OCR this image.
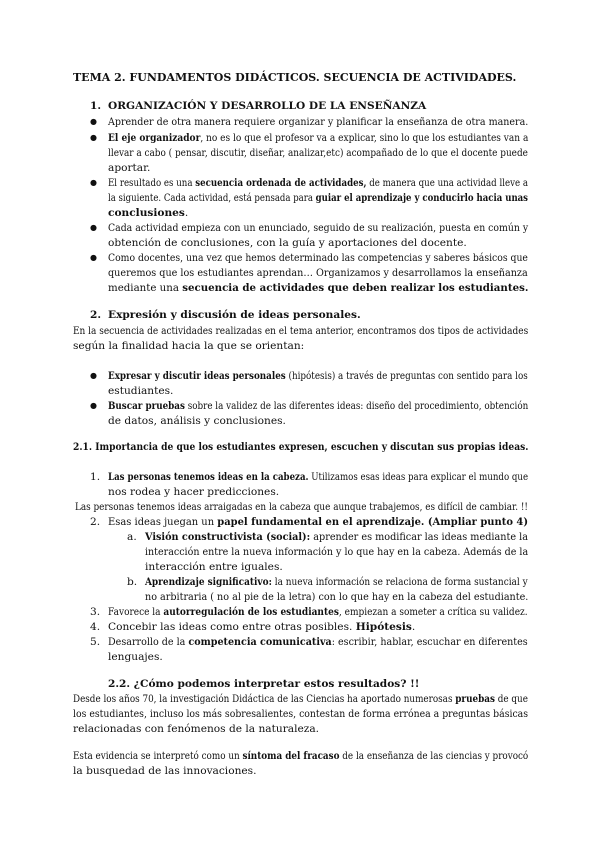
TEMA 2. FUNDAMENTOS DIDÁCTICOS. SECUENCIA DE ACTIVIDADES.
1. ORGANIZACIÓN Y DESARROLLO DE LA ENSEÑANZA
● Aprender de otra manera requiere organizar y planificar la enseñanza de otra manera.
● El eje organizador, no es lo que el profesor va a explicar, sino lo que los estudiantes van a
llevar a cabo ( pensar, discutir, diseñar, analizar,etc) acompañado de lo que el docente puede
aportar.
● El resultado es una secuencia ordenada de actividades, de manera que una actividad lleve a
la siguiente. Cada actividad, está pensada para guiar el aprendizaje y conducirlo hacia unas
conclusiones.
● Cada actividad empieza con un enunciado, seguido de su realización, puesta en común y
obtención de conclusiones, con la guía y aportaciones del docente.
● Como docentes, una vez que hemos determinado las competencias y saberes básicos que
queremos que los estudiantes aprendan… Organizamos y desarrollamos la enseñanza
mediante una secuencia de actividades que deben realizar los estudiantes.
2. Expresión y discusión de ideas personales.
En la secuencia de actividades realizadas en el tema anterior, encontramos dos tipos de actividades
según la finalidad hacia la que se orientan:
● Expresar y discutir ideas personales (hipótesis) a través de preguntas con sentido para los
estudiantes.
● Buscar pruebas sobre la validez de las diferentes ideas: diseño del procedimiento, obtención
de datos, análisis y conclusiones.
2.1. Importancia de que los estudiantes expresen, escuchen y discutan sus propias ideas.
1. Las personas tenemos ideas en la cabeza. Utilizamos esas ideas para explicar el mundo que
nos rodea y hacer predicciones.
Las personas tenemos ideas arraigadas en la cabeza que aunque trabajemos, es difícil de cambiar. !!
2. Esas ideas juegan un papel fundamental en el aprendizaje. (Ampliar punto 4)
a. Visión constructivista (social): aprender es modificar las ideas mediante la
interacción entre la nueva información y lo que hay en la cabeza. Además de la
interacción entre iguales.
b. Aprendizaje significativo: la nueva información se relaciona de forma sustancial y
no arbitraria ( no al pie de la letra) con lo que hay en la cabeza del estudiante.
3. Favorece la autorregulación de los estudiantes, empiezan a someter a crítica su validez.
4. Concebir las ideas como entre otras posibles. Hipótesis.
5. Desarrollo de la competencia comunicativa: escribir, hablar, escuchar en diferentes
lenguajes.
2.2. ¿Cómo podemos interpretar estos resultados? !!
Desde los años 70, la investigación Didáctica de las Ciencias ha aportado numerosas pruebas de que
los estudiantes, incluso los más sobresalientes, contestan de forma errónea a preguntas básicas
relacionadas con fenómenos de la naturaleza.
Esta evidencia se interpretó como un síntoma del fracaso de la enseñanza de las ciencias y provocó
la busquedad de las innovaciones.
